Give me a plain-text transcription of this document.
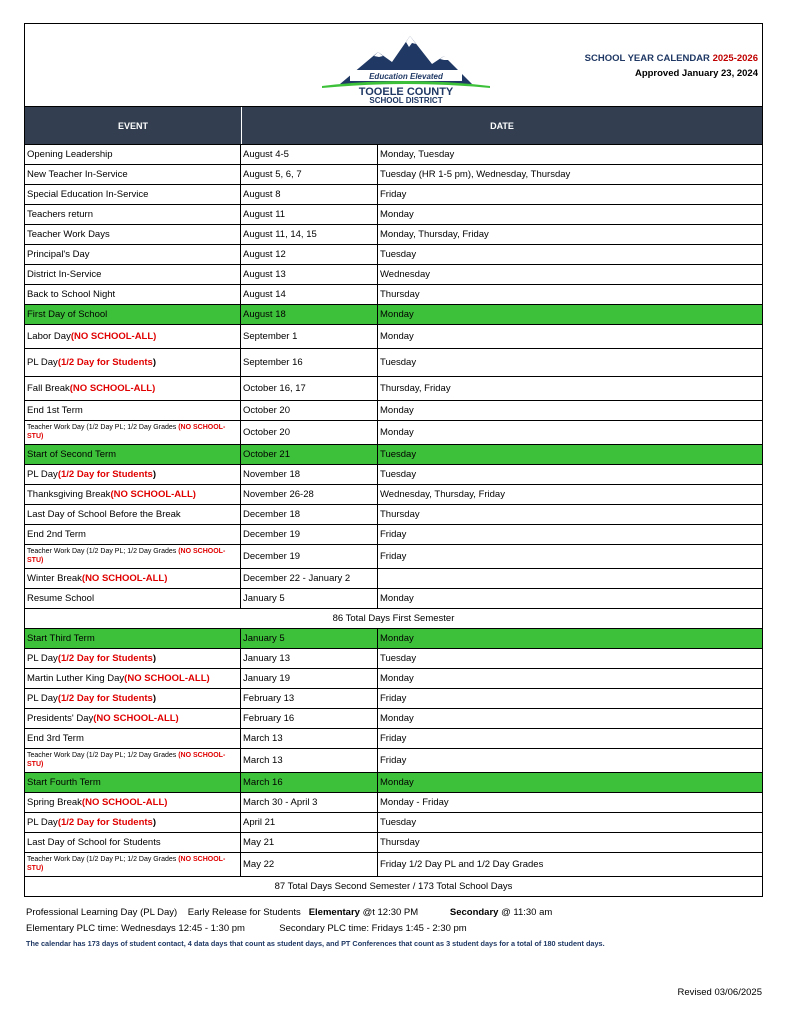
Education Elevated
TOOELE COUNTY
SCHOOL DISTRICT
SCHOOL YEAR CALENDAR 2025-2026
Approved January 23, 2024
EVENT	DATE
Opening Leadership	August 4-5	Monday, Tuesday
New Teacher In-Service	August 5, 6, 7	Tuesday (HR 1-5 pm), Wednesday, Thursday
Special Education In-Service	August 8	Friday
Teachers return	August 11	Monday
Teacher Work Days	August 11, 14, 15	Monday, Thursday, Friday
Principal's Day	August 12	Tuesday
District In-Service	August 13	Wednesday
Back to School Night	August 14	Thursday
First Day of School	August 18	Monday
Labor Day (NO SCHOOL-ALL)	September 1	Monday
PL Day (1/2 Day for Students )	September 16	Tuesday
Fall Break (NO SCHOOL-ALL)	October 16, 17	Thursday, Friday
End 1st Term	October 20	Monday
Teacher Work Day (1/2 Day PL; 1/2 Day Grades (NO SCHOOL-STU)	October 20	Monday
Start of Second Term	October 21	Tuesday
PL Day (1/2 Day for Students )	November 18	Tuesday
Thanksgiving Break (NO SCHOOL-ALL)	November 26-28	Wednesday, Thursday, Friday
Last Day of School Before the Break	December 18	Thursday
End 2nd Term	December 19	Friday
Teacher Work Day (1/2 Day PL; 1/2 Day Grades (NO SCHOOL-STU)	December 19	Friday
Winter Break (NO SCHOOL-ALL)	December 22 - January 2
Resume School	January 5	Monday
86 Total Days First Semester
Start Third Term	January 5	Monday
PL Day (1/2 Day for Students )	January 13	Tuesday
Martin Luther King Day (NO SCHOOL-ALL)	January 19	Monday
PL Day (1/2 Day for Students )	February 13	Friday
Presidents' Day (NO SCHOOL-ALL)	February 16	Monday
End 3rd Term	March 13	Friday
Teacher Work Day (1/2 Day PL; 1/2 Day Grades (NO SCHOOL-STU)	March 13	Friday
Start Fourth Term	March 16	Monday
Spring Break (NO SCHOOL-ALL)	March 30 - April 3	Monday - Friday
PL Day (1/2 Day for Students )	April 21	Tuesday
Last Day of School for Students	May 21	Thursday
Teacher Work Day (1/2 Day PL; 1/2 Day Grades (NO SCHOOL-STU)	May 22	Friday 1/2 Day PL and 1/2 Day Grades
87 Total Days Second Semester / 173 Total School Days
Professional Learning Day (PL Day) Early Release for Students Elementary @t 12:30 PM	Secondary @ 11:30 am
Elementary PLC time: Wednesdays 12:45 - 1:30 pm	Secondary PLC time: Fridays 1:45 - 2:30 pm
The calendar has 173 days of student contact, 4 data days that count as student days, and PT Conferences that count as 3 student days for a total of 180 student days.
Revised 03/06/2025
